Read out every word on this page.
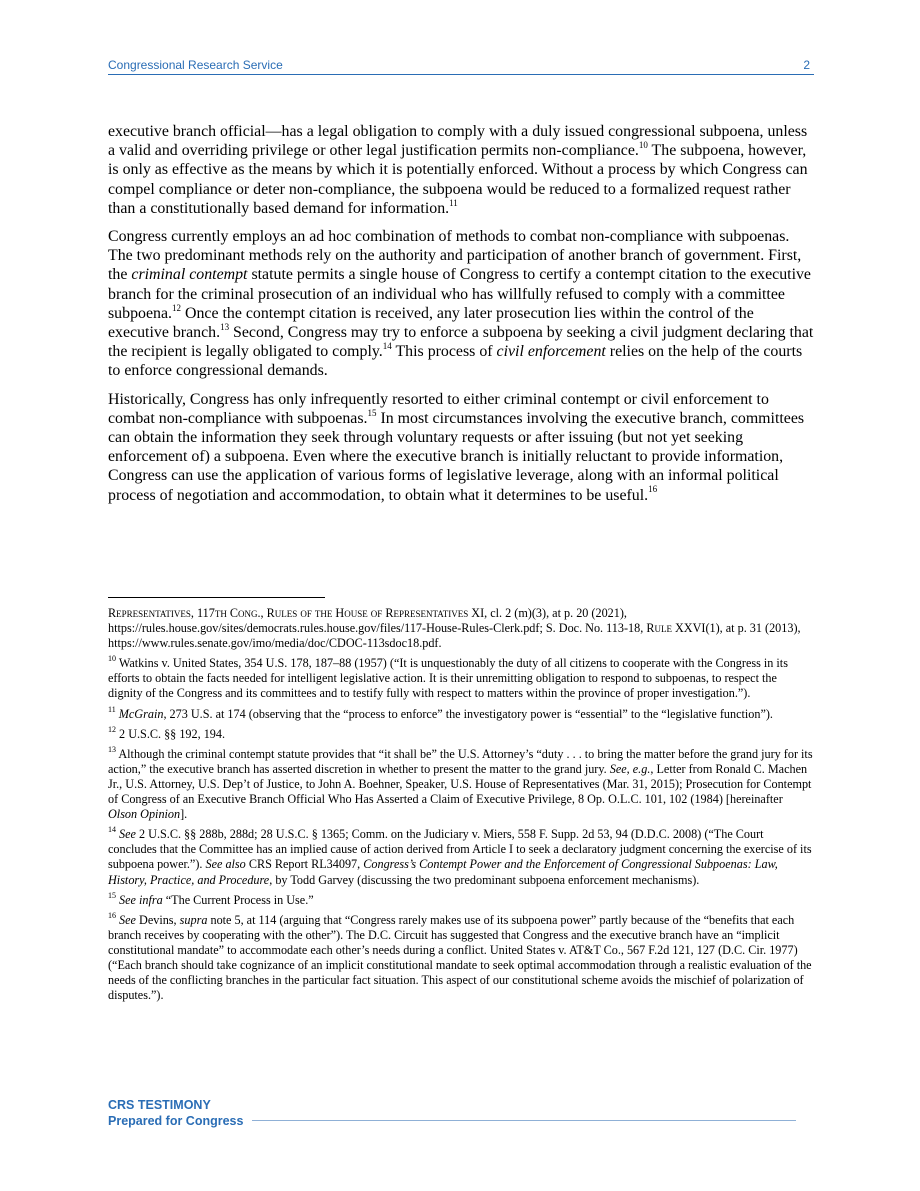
Congressional Research Service	2

executive branch official—has a legal obligation to comply with a duly issued congressional subpoena, unless a valid and overriding privilege or other legal justification permits non-compliance.$^{10}$ The subpoena, however, is only as effective as the means by which it is potentially enforced. Without a process by which Congress can compel compliance or deter non-compliance, the subpoena would be reduced to a formalized request rather than a constitutionally based demand for information.$^{11}$

Congress currently employs an ad hoc combination of methods to combat non-compliance with subpoenas. The two predominant methods rely on the authority and participation of another branch of government. First, the criminal contempt statute permits a single house of Congress to certify a contempt citation to the executive branch for the criminal prosecution of an individual who has willfully refused to comply with a committee subpoena.$^{12}$ Once the contempt citation is received, any later prosecution lies within the control of the executive branch.$^{13}$ Second, Congress may try to enforce a subpoena by seeking a civil judgment declaring that the recipient is legally obligated to comply.$^{14}$ This process of civil enforcement relies on the help of the courts to enforce congressional demands.

Historically, Congress has only infrequently resorted to either criminal contempt or civil enforcement to combat non-compliance with subpoenas.$^{15}$ In most circumstances involving the executive branch, committees can obtain the information they seek through voluntary requests or after issuing (but not yet seeking enforcement of) a subpoena. Even where the executive branch is initially reluctant to provide information, Congress can use the application of various forms of legislative leverage, along with an informal political process of negotiation and accommodation, to obtain what it determines to be useful.$^{16}$

Representatives, 117th Cong., Rules of the House of Representatives XI, cl. 2 (m)(3), at p. 20 (2021), https://rules.house.gov/sites/democrats.rules.house.gov/files/117-House-Rules-Clerk.pdf; S. Doc. No. 113-18, Rule XXVI(1), at p. 31 (2013), https://www.rules.senate.gov/imo/media/doc/CDOC-113sdoc18.pdf.

$^{10}$ Watkins v. United States, 354 U.S. 178, 187–88 (1957) (“It is unquestionably the duty of all citizens to cooperate with the Congress in its efforts to obtain the facts needed for intelligent legislative action. It is their unremitting obligation to respond to subpoenas, to respect the dignity of the Congress and its committees and to testify fully with respect to matters within the province of proper investigation.”).

$^{11}$ McGrain, 273 U.S. at 174 (observing that the “process to enforce” the investigatory power is “essential” to the “legislative function”).

$^{12}$ 2 U.S.C. §§ 192, 194.

$^{13}$ Although the criminal contempt statute provides that “it shall be” the U.S. Attorney’s “duty . . . to bring the matter before the grand jury for its action,” the executive branch has asserted discretion in whether to present the matter to the grand jury. See, e.g., Letter from Ronald C. Machen Jr., U.S. Attorney, U.S. Dep’t of Justice, to John A. Boehner, Speaker, U.S. House of Representatives (Mar. 31, 2015); Prosecution for Contempt of Congress of an Executive Branch Official Who Has Asserted a Claim of Executive Privilege, 8 Op. O.L.C. 101, 102 (1984) [hereinafter Olson Opinion].

$^{14}$ See 2 U.S.C. §§ 288b, 288d; 28 U.S.C. § 1365; Comm. on the Judiciary v. Miers, 558 F. Supp. 2d 53, 94 (D.D.C. 2008) (“The Court concludes that the Committee has an implied cause of action derived from Article I to seek a declaratory judgment concerning the exercise of its subpoena power.”). See also CRS Report RL34097, Congress’s Contempt Power and the Enforcement of Congressional Subpoenas: Law, History, Practice, and Procedure, by Todd Garvey (discussing the two predominant subpoena enforcement mechanisms).

$^{15}$ See infra “The Current Process in Use.”

$^{16}$ See Devins, supra note 5, at 114 (arguing that “Congress rarely makes use of its subpoena power” partly because of the “benefits that each branch receives by cooperating with the other”). The D.C. Circuit has suggested that Congress and the executive branch have an “implicit constitutional mandate” to accommodate each other’s needs during a conflict. United States v. AT&T Co., 567 F.2d 121, 127 (D.C. Cir. 1977) (“Each branch should take cognizance of an implicit constitutional mandate to seek optimal accommodation through a realistic evaluation of the needs of the conflicting branches in the particular fact situation. This aspect of our constitutional scheme avoids the mischief of polarization of disputes.”).

CRS TESTIMONY
Prepared for Congress
